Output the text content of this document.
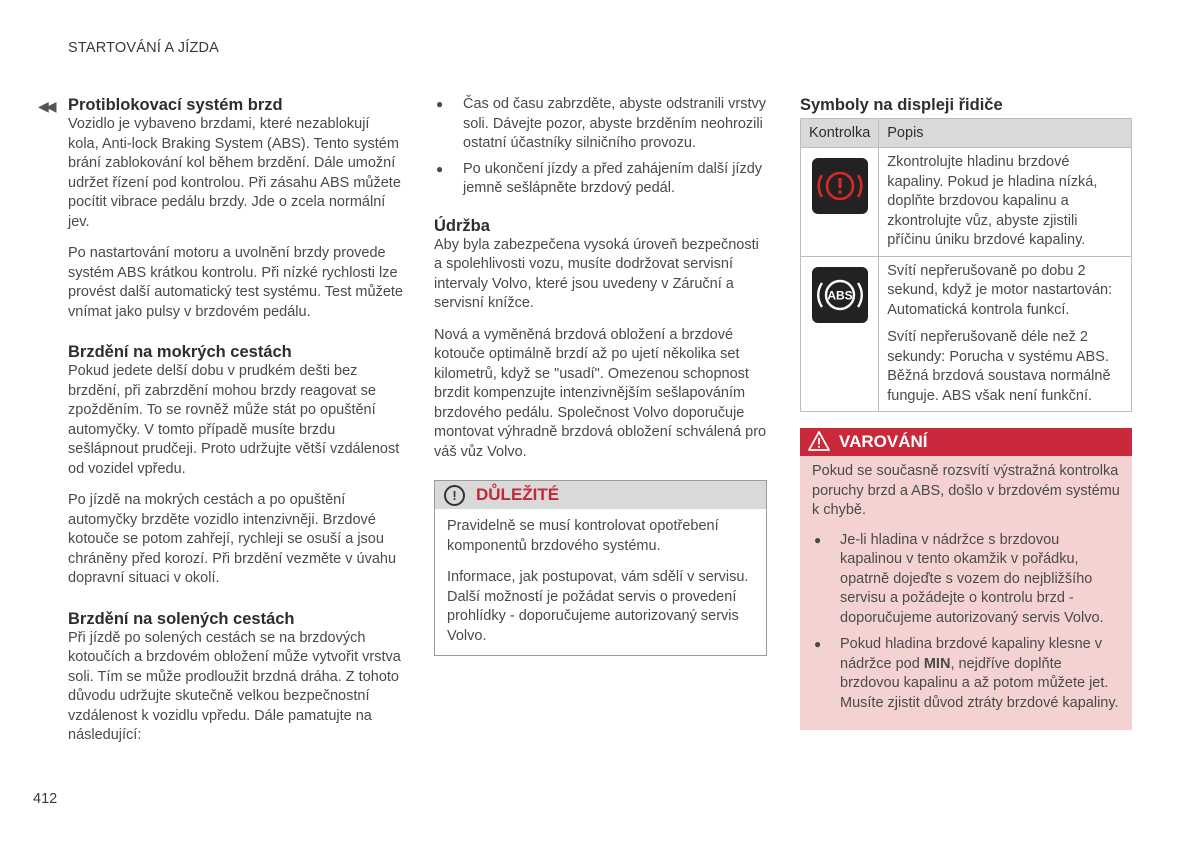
STARTOVÁNÍ A JÍZDA
◀◀ Protiblokovací systém brzd

Vozidlo je vybaveno brzdami, které nezablokují kola, Anti-lock Braking System (ABS). Tento systém brání zablokování kol během brzdění. Dále umožní udržet řízení pod kontrolou. Při zásahu ABS můžete pocítit vibrace pedálu brzdy. Jde o zcela normální jev.

Po nastartování motoru a uvolnění brzdy provede systém ABS krátkou kontrolu. Při nízké rychlosti lze provést další automatický test systému. Test můžete vnímat jako pulsy v brzdovém pedálu.

Brzdění na mokrých cestách

Pokud jedete delší dobu v prudkém dešti bez brzdění, při zabrzdění mohou brzdy reagovat se zpožděním. To se rovněž může stát po opuštění automyčky. V tomto případě musíte brzdu sešlápnout prudčeji. Proto udržujte větší vzdálenost od vozidel vpředu.

Po jízdě na mokrých cestách a po opuštění automyčky brzděte vozidlo intenzivněji. Brzdové kotouče se potom zahřejí, rychleji se osuší a jsou chráněny před korozí. Při brzdění vezměte v úvahu dopravní situaci v okolí.

Brzdění na solených cestách

Při jízdě po solených cestách se na brzdových kotoučích a brzdovém obložení může vytvořit vrstva soli. Tím se může prodloužit brzdná dráha. Z tohoto důvodu udržujte skutečně velkou bezpečnostní vzdálenost k vozidlu vpředu. Dále pamatujte na následující:

● Čas od času zabrzděte, abyste odstranili vrstvy soli. Dávejte pozor, abyste brzděním neohrozili ostatní účastníky silničního provozu.
● Po ukončení jízdy a před zahájením další jízdy jemně sešlápněte brzdový pedál.
Údržba

Aby byla zabezpečena vysoká úroveň bezpečnosti a spolehlivosti vozu, musíte dodržovat servisní intervaly Volvo, které jsou uvedeny v Záruční a servisní knížce.

Nová a vyměněná brzdová obložení a brzdové kotouče optimálně brzdí až po ujetí několika set kilometrů, když se "usadí". Omezenou schopnost brzdit kompenzujte intenzivnějším sešlapováním brzdového pedálu. Společnost Volvo doporučuje montovat výhradně brzdová obložení schválená pro váš vůz Volvo.

!	DŮLEŽITÉ

Pravidelně se musí kontrolovat opotřebení komponentů brzdového systému.

Informace, jak postupovat, vám sdělí v servisu. Další možností je požádat servis o provedení prohlídky - doporučujeme autorizovaný servis Volvo.

Symboly na displeji řidiče
Kontrolka	Popis
	Zkontrolujte hladinu brzdové kapaliny. Pokud je hladina nízká, doplňte brzdovou kapalinu a zkontrolujte vůz, abyste zjistili příčinu úniku brzdové kapaliny.

ABS	Svítí nepřerušovaně po dobu 2 sekund, když je motor nastartován: Automatická kontrola funkcí.
Svítí nepřerušovaně déle než 2 sekundy: Porucha v systému ABS. Běžná brzdová soustava normálně funguje. ABS však není funkční.
VAROVÁNÍ

Pokud se současně rozsvítí výstražná kontrolka poruchy brzd a ABS, došlo v brzdovém systému k chybě.

● Je-li hladina v nádržce s brzdovou kapalinou v tento okamžik v pořádku, opatrně dojeďte s vozem do nejbližšího servisu a požádejte o kontrolu brzd - doporučujeme autorizovaný servis Volvo.
● Pokud hladina brzdové kapaliny klesne v nádržce pod MIN, nejdříve doplňte brzdovou kapalinu a až potom můžete jet. Musíte zjistit důvod ztráty brzdové kapaliny.
412
